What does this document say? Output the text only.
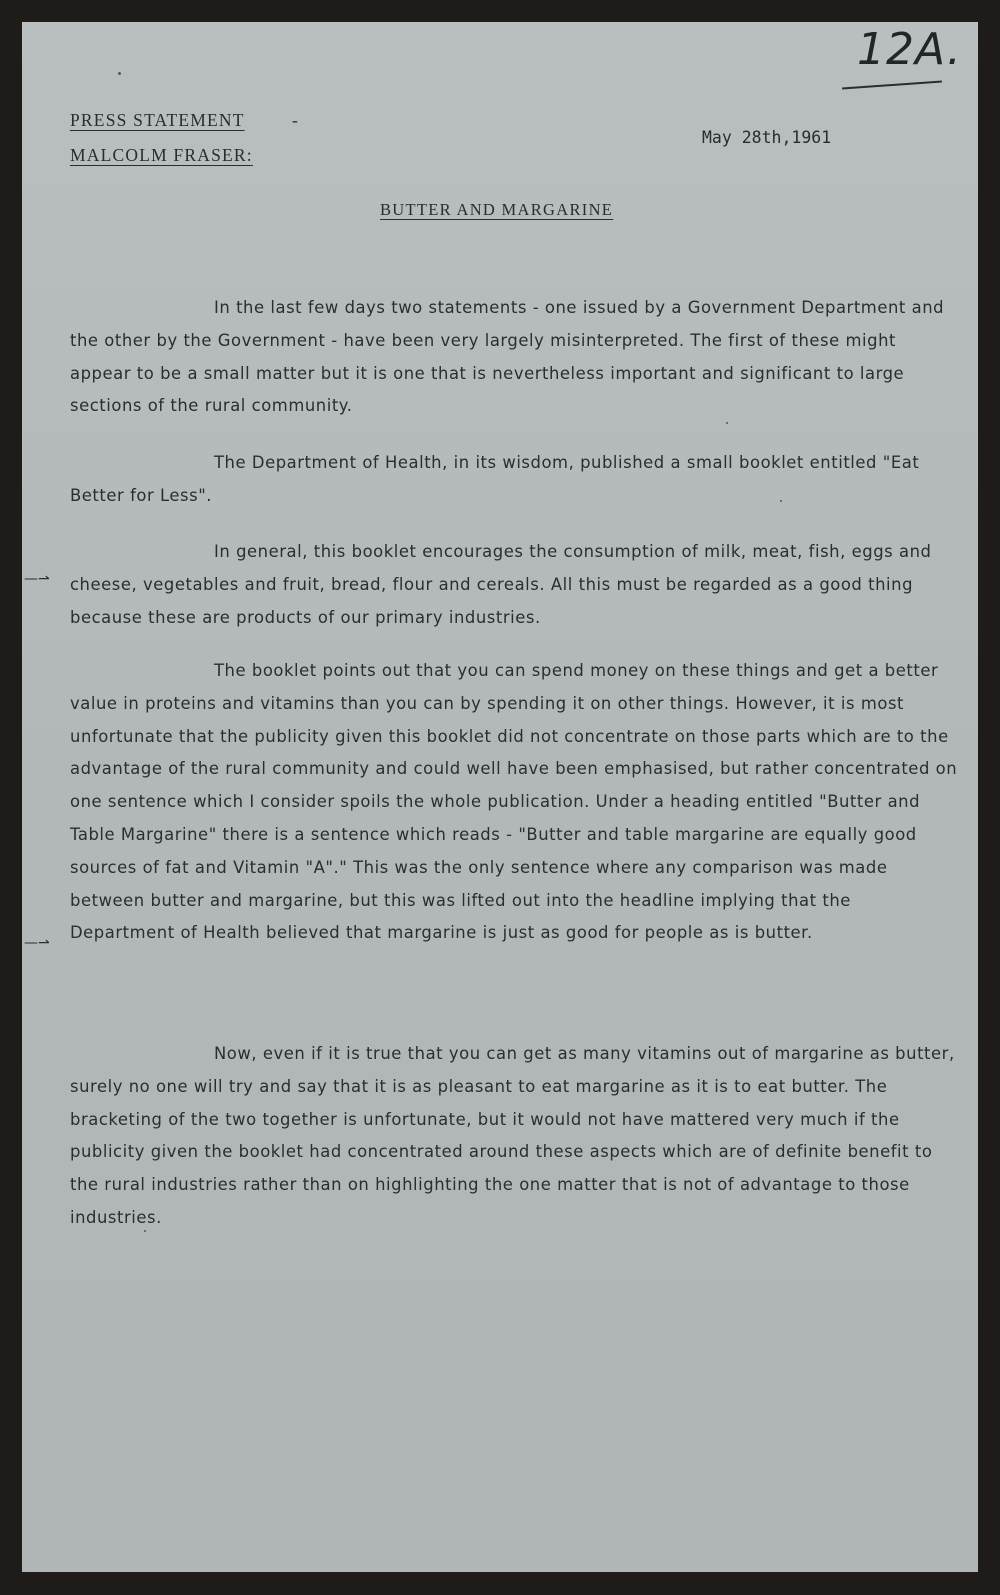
12A.
PRESS STATEMENT	-
MALCOLM FRASER:
May 28th,1961
BUTTER AND MARGARINE

In the last few days two statements - one issued by a Government Department and the other by the Government - have been very largely misinterpreted. The first of these might appear to be a small matter but it is one that is nevertheless important and significant to large sections of the rural community.

The Department of Health, in its wisdom, published a small booklet entitled "Eat Better for Less".

In general, this booklet encourages the consumption of milk, meat, fish, eggs and cheese, vegetables and fruit, bread, flour and cereals. All this must be regarded as a good thing because these are products of our primary industries.

The booklet points out that you can spend money on these things and get a better value in proteins and vitamins than you can by spending it on other things. However, it is most unfortunate that the publicity given this booklet did not concentrate on those parts which are to the advantage of the rural community and could well have been emphasised, but rather concentrated on one sentence which I consider spoils the whole publication. Under a heading entitled "Butter and Table Margarine" there is a sentence which reads - "Butter and table margarine are equally good sources of fat and Vitamin "A"." This was the only sentence where any comparison was made between butter and margarine, but this was lifted out into the headline implying that the Department of Health believed that margarine is just as good for people as is butter.

Now, even if it is true that you can get as many vitamins out of margarine as butter, surely no one will try and say that it is as pleasant to eat margarine as it is to eat butter. The bracketing of the two together is unfortunate, but it would not have mattered very much if the publicity given the booklet had concentrated around these aspects which are of definite benefit to the rural industries rather than on highlighting the one matter that is not of advantage to those industries.

—⇀
—⇀
